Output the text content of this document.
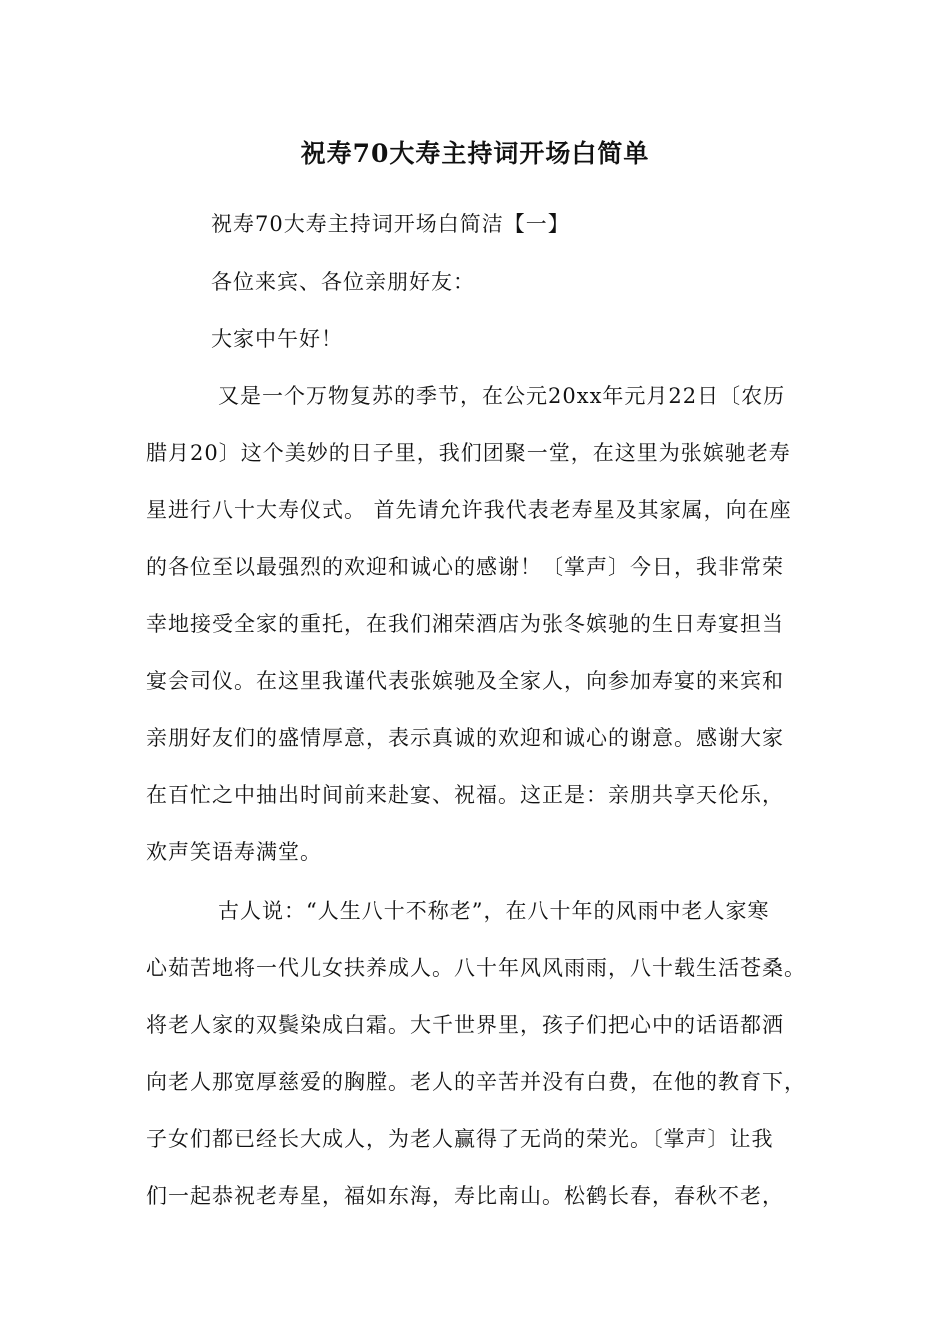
祝寿70大寿主持词开场白简单
祝寿70大寿主持词开场白简洁【一】
各位来宾、各位亲朋好友：
大家中午好！
又是一个万物复苏的季节，在公元20xx年元月22日〔农历
腊月20〕这个美妙的日子里，我们团聚一堂，在这里为张嫔驰老寿
星进行八十大寿仪式。 首先请允许我代表老寿星及其家属，向在座
的各位至以最强烈的欢迎和诚心的感谢！〔掌声〕今日，我非常荣
幸地接受全家的重托，在我们湘荣酒店为张冬嫔驰的生日寿宴担当
宴会司仪。在这里我谨代表张嫔驰及全家人，向参加寿宴的来宾和
亲朋好友们的盛情厚意，表示真诚的欢迎和诚心的谢意。感谢大家
在百忙之中抽出时间前来赴宴、祝福。这正是：亲朋共享天伦乐，
欢声笑语寿满堂。
古人说：“人生八十不称老”，在八十年的风雨中老人家寒
心茹苦地将一代儿女扶养成人。八十年风风雨雨，八十载生活苍桑。
将老人家的双鬓染成白霜。大千世界里，孩子们把心中的话语都洒
向老人那宽厚慈爱的胸膛。老人的辛苦并没有白费，在他的教育下，
子女们都已经长大成人，为老人赢得了无尚的荣光。〔掌声〕让我
们一起恭祝老寿星，福如东海，寿比南山。松鹤长春，春秋不老，
